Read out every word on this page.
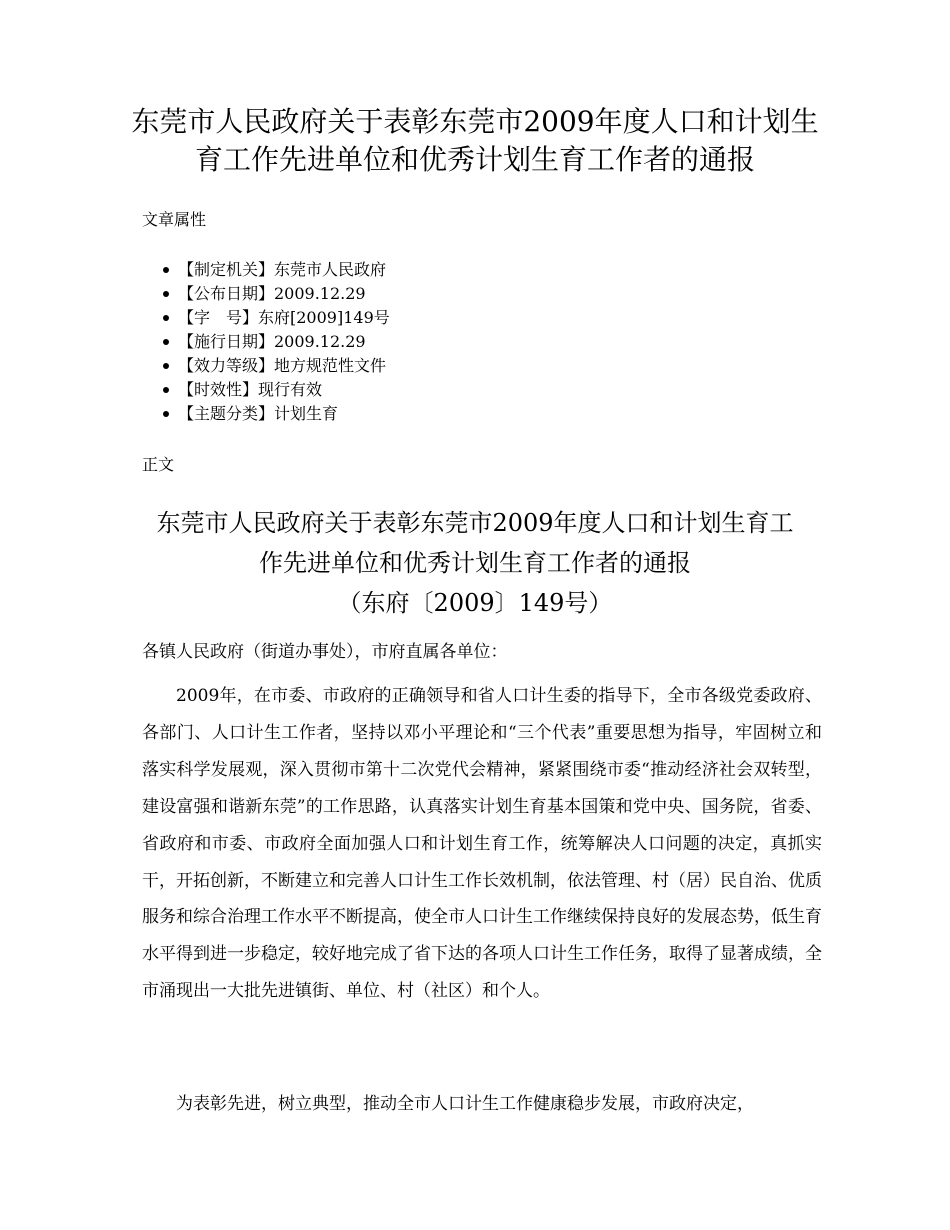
东莞市人民政府关于表彰东莞市2009年度人口和计划生育工作先进单位和优秀计划生育工作者的通报

文章属性

【制定机关】东莞市人民政府
【公布日期】2009.12.29
【字　号】东府[2009]149号
【施行日期】2009.12.29
【效力等级】地方规范性文件
【时效性】现行有效
【主题分类】计划生育

正文

东莞市人民政府关于表彰东莞市2009年度人口和计划生育工
作先进单位和优秀计划生育工作者的通报
（东府〔2009〕149号）

各镇人民政府（街道办事处），市府直属各单位：

2009年，在市委、市政府的正确领导和省人口计生委的指导下，全市各级党委政府、各部门、人口计生工作者，坚持以邓小平理论和“三个代表”重要思想为指导，牢固树立和落实科学发展观，深入贯彻市第十二次党代会精神，紧紧围绕市委“推动经济社会双转型，建设富强和谐新东莞”的工作思路，认真落实计划生育基本国策和党中央、国务院，省委、省政府和市委、市政府全面加强人口和计划生育工作，统筹解决人口问题的决定，真抓实干，开拓创新，不断建立和完善人口计生工作长效机制，依法管理、村（居）民自治、优质服务和综合治理工作水平不断提高，使全市人口计生工作继续保持良好的发展态势，低生育水平得到进一步稳定，较好地完成了省下达的各项人口计生工作任务，取得了显著成绩，全市涌现出一大批先进镇街、单位、村（社区）和个人。

为表彰先进，树立典型，推动全市人口计生工作健康稳步发展，市政府决定，
